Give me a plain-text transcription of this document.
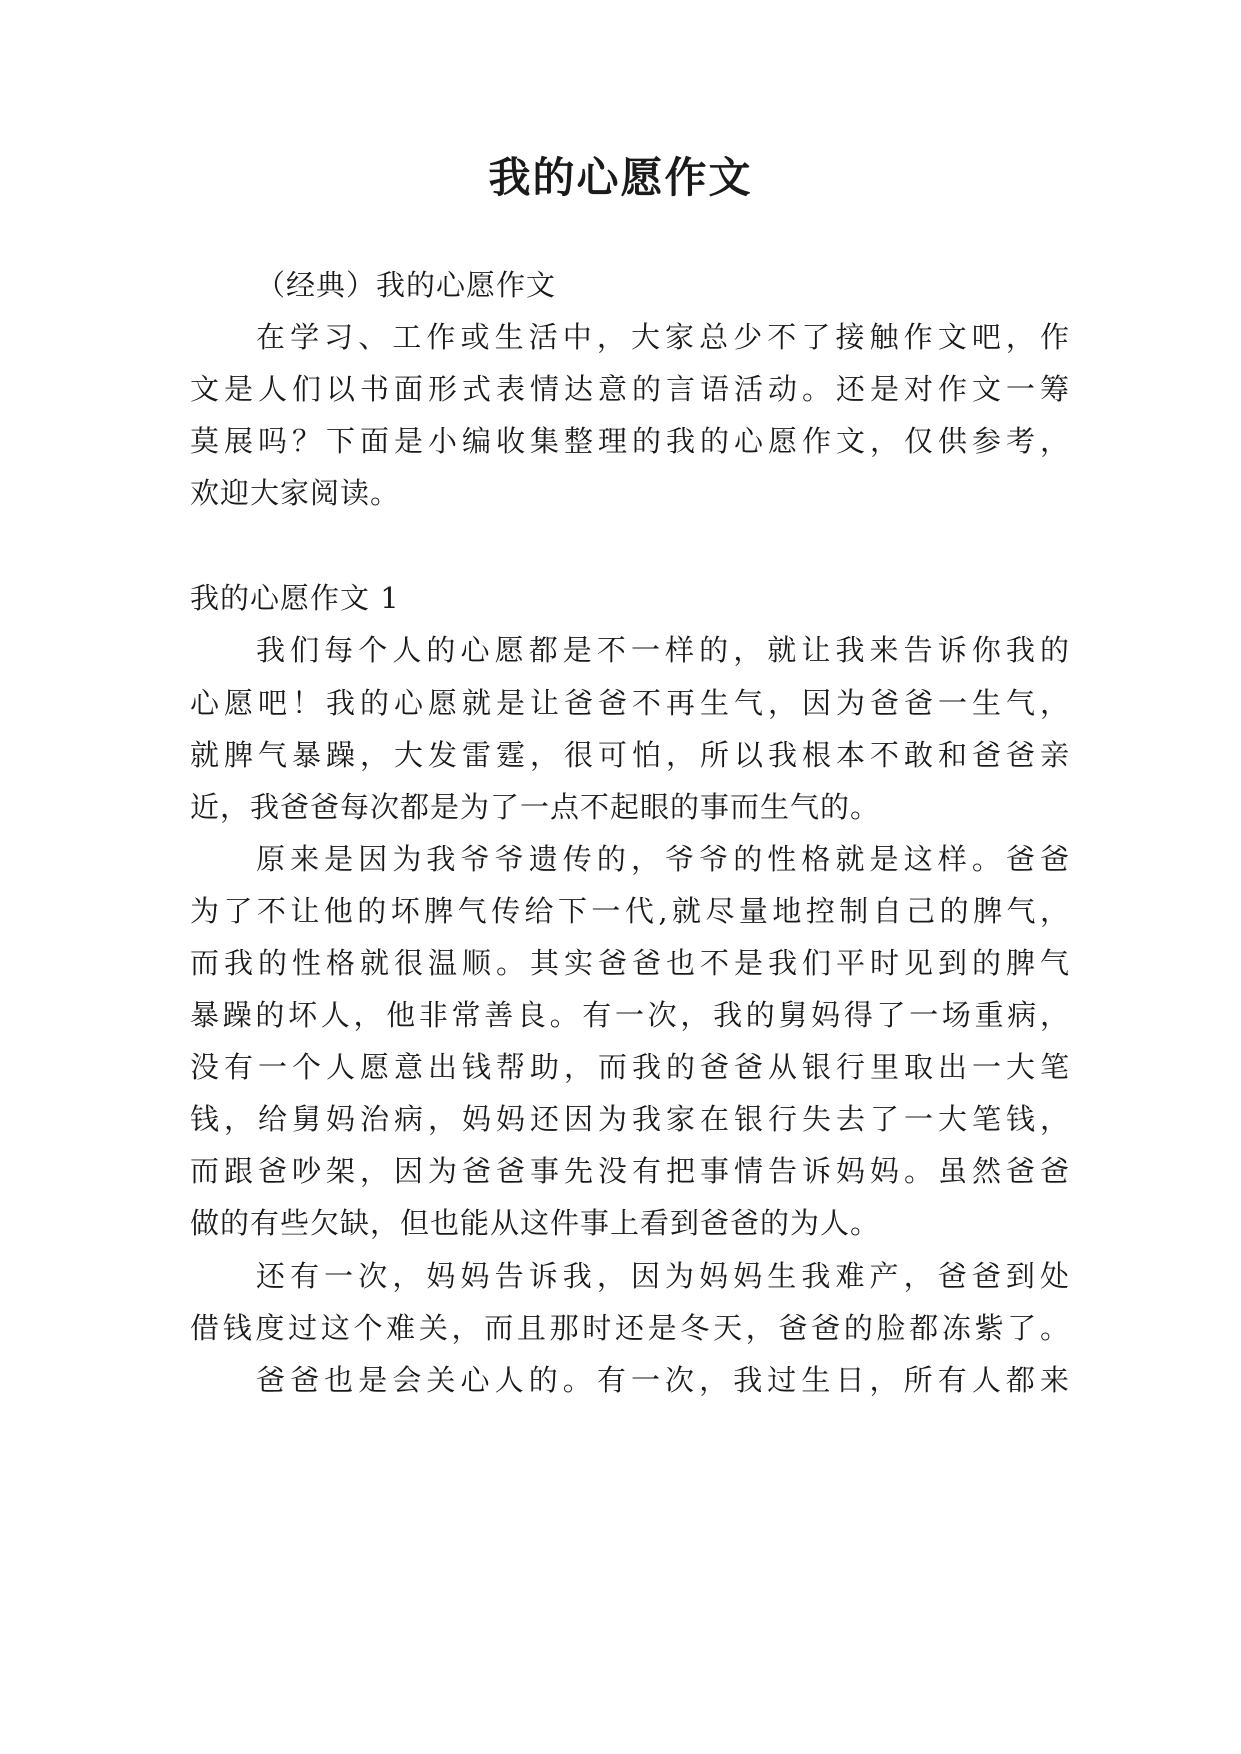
我的心愿作文
（经典）我的心愿作文
在学习、工作或生活中，大家总少不了接触作文吧，作
文是人们以书面形式表情达意的言语活动。还是对作文一筹
莫展吗？下面是小编收集整理的我的心愿作文，仅供参考，
欢迎大家阅读。
我的心愿作文 1
我们每个人的心愿都是不一样的，就让我来告诉你我的
心愿吧！我的心愿就是让爸爸不再生气，因为爸爸一生气，
就脾气暴躁，大发雷霆，很可怕，所以我根本不敢和爸爸亲
近，我爸爸每次都是为了一点不起眼的事而生气的。
原来是因为我爷爷遗传的，爷爷的性格就是这样。爸爸
为了不让他的坏脾气传给下一代,就尽量地控制自己的脾气，
而我的性格就很温顺。其实爸爸也不是我们平时见到的脾气
暴躁的坏人，他非常善良。有一次，我的舅妈得了一场重病，
没有一个人愿意出钱帮助，而我的爸爸从银行里取出一大笔
钱，给舅妈治病，妈妈还因为我家在银行失去了一大笔钱，
而跟爸吵架，因为爸爸事先没有把事情告诉妈妈。虽然爸爸
做的有些欠缺，但也能从这件事上看到爸爸的为人。
还有一次，妈妈告诉我，因为妈妈生我难产，爸爸到处
借钱度过这个难关，而且那时还是冬天，爸爸的脸都冻紫了。
爸爸也是会关心人的。有一次，我过生日，所有人都来
